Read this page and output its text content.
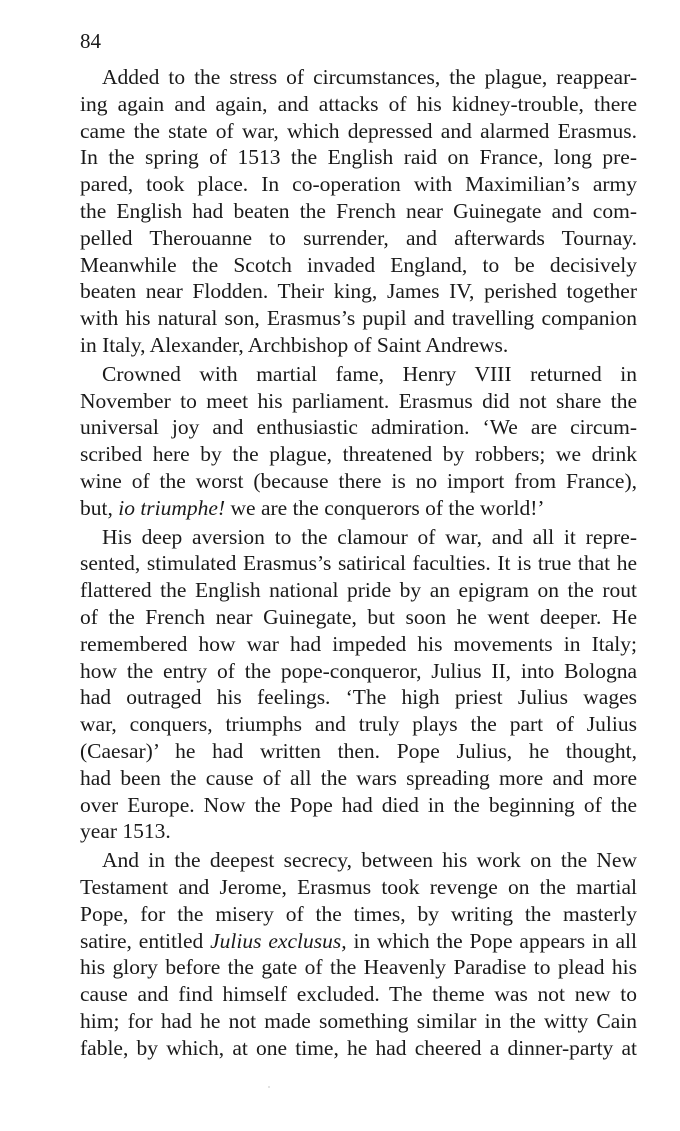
84
Added to the stress of circumstances, the plague, reappear-
ing again and again, and attacks of his kidney-trouble, there
came the state of war, which depressed and alarmed Erasmus.
In the spring of 1513 the English raid on France, long pre-
pared, took place. In co-operation with Maximilian’s army
the English had beaten the French near Guinegate and com-
pelled Therouanne to surrender, and afterwards Tournay.
Meanwhile the Scotch invaded England, to be decisively
beaten near Flodden. Their king, James IV, perished together
with his natural son, Erasmus’s pupil and travelling companion
in Italy, Alexander, Archbishop of Saint Andrews.
Crowned with martial fame, Henry VIII returned in
November to meet his parliament. Erasmus did not share the
universal joy and enthusiastic admiration. ‘We are circum-
scribed here by the plague, threatened by robbers; we drink
wine of the worst (because there is no import from France),
but, io triumphe! we are the conquerors of the world!’
His deep aversion to the clamour of war, and all it repre-
sented, stimulated Erasmus’s satirical faculties. It is true that he
flattered the English national pride by an epigram on the rout
of the French near Guinegate, but soon he went deeper. He
remembered how war had impeded his movements in Italy;
how the entry of the pope-conqueror, Julius II, into Bologna
had outraged his feelings. ‘The high priest Julius wages
war, conquers, triumphs and truly plays the part of Julius
(Caesar)’ he had written then. Pope Julius, he thought,
had been the cause of all the wars spreading more and more
over Europe. Now the Pope had died in the beginning of the
year 1513.
And in the deepest secrecy, between his work on the New
Testament and Jerome, Erasmus took revenge on the martial
Pope, for the misery of the times, by writing the masterly
satire, entitled Julius exclusus, in which the Pope appears in all
his glory before the gate of the Heavenly Paradise to plead his
cause and find himself excluded. The theme was not new to
him; for had he not made something similar in the witty Cain
fable, by which, at one time, he had cheered a dinner-party at
